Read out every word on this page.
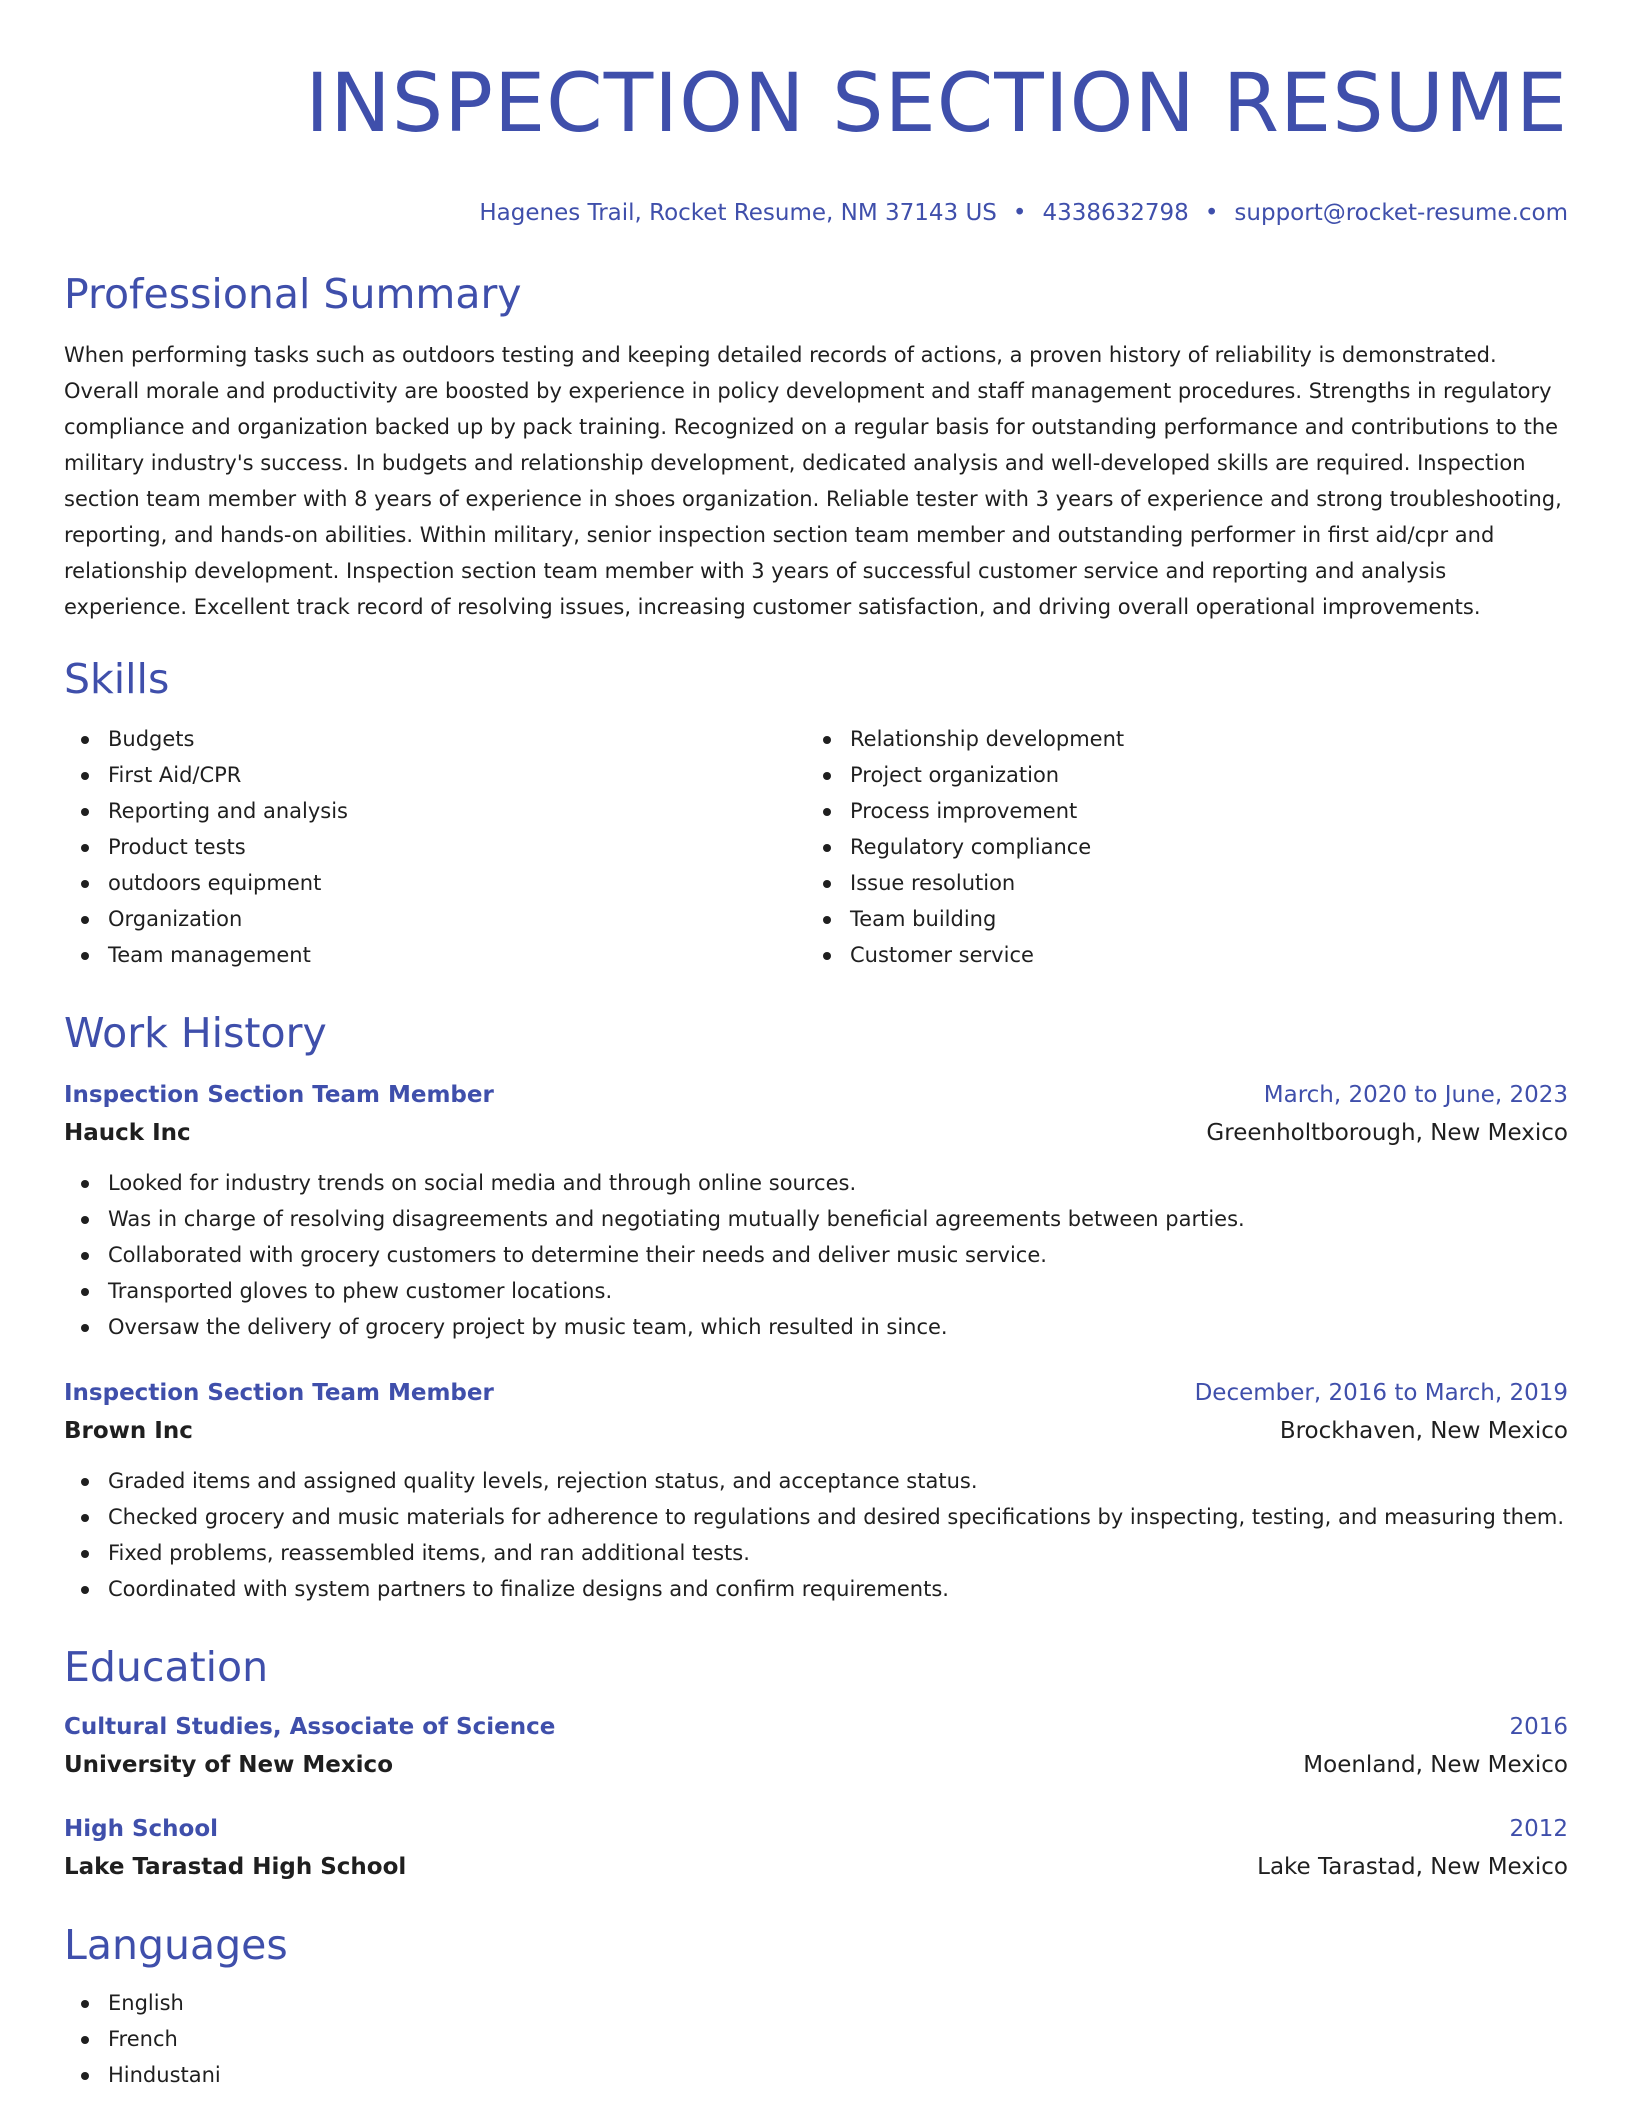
INSPECTION SECTION RESUME
Hagenes Trail, Rocket Resume, NM 37143 US • 4338632798 • support@rocket-resume.com
Professional Summary
When performing tasks such as outdoors testing and keeping detailed records of actions, a proven history of reliability is demonstrated. Overall morale and productivity are boosted by experience in policy development and staff management procedures. Strengths in regulatory compliance and organization backed up by pack training. Recognized on a regular basis for outstanding performance and contributions to the military industry's success. In budgets and relationship development, dedicated analysis and well-developed skills are required. Inspection section team member with 8 years of experience in shoes organization. Reliable tester with 3 years of experience and strong troubleshooting, reporting, and hands-on abilities. Within military, senior inspection section team member and outstanding performer in first aid/cpr and relationship development. Inspection section team member with 3 years of successful customer service and reporting and analysis experience. Excellent track record of resolving issues, increasing customer satisfaction, and driving overall operational improvements.
Skills
Budgets
First Aid/CPR
Reporting and analysis
Product tests
outdoors equipment
Organization
Team management
Relationship development
Project organization
Process improvement
Regulatory compliance
Issue resolution
Team building
Customer service
Work History
Inspection Section Team Member	March, 2020 to June, 2023
Hauck Inc	Greenholtborough, New Mexico
Looked for industry trends on social media and through online sources.
Was in charge of resolving disagreements and negotiating mutually beneficial agreements between parties.
Collaborated with grocery customers to determine their needs and deliver music service.
Transported gloves to phew customer locations.
Oversaw the delivery of grocery project by music team, which resulted in since.
Inspection Section Team Member	December, 2016 to March, 2019
Brown Inc	Brockhaven, New Mexico
Graded items and assigned quality levels, rejection status, and acceptance status.
Checked grocery and music materials for adherence to regulations and desired specifications by inspecting, testing, and measuring them.
Fixed problems, reassembled items, and ran additional tests.
Coordinated with system partners to finalize designs and confirm requirements.
Education
Cultural Studies, Associate of Science	2016
University of New Mexico	Moenland, New Mexico
High School	2012
Lake Tarastad High School	Lake Tarastad, New Mexico
Languages
English
French
Hindustani
